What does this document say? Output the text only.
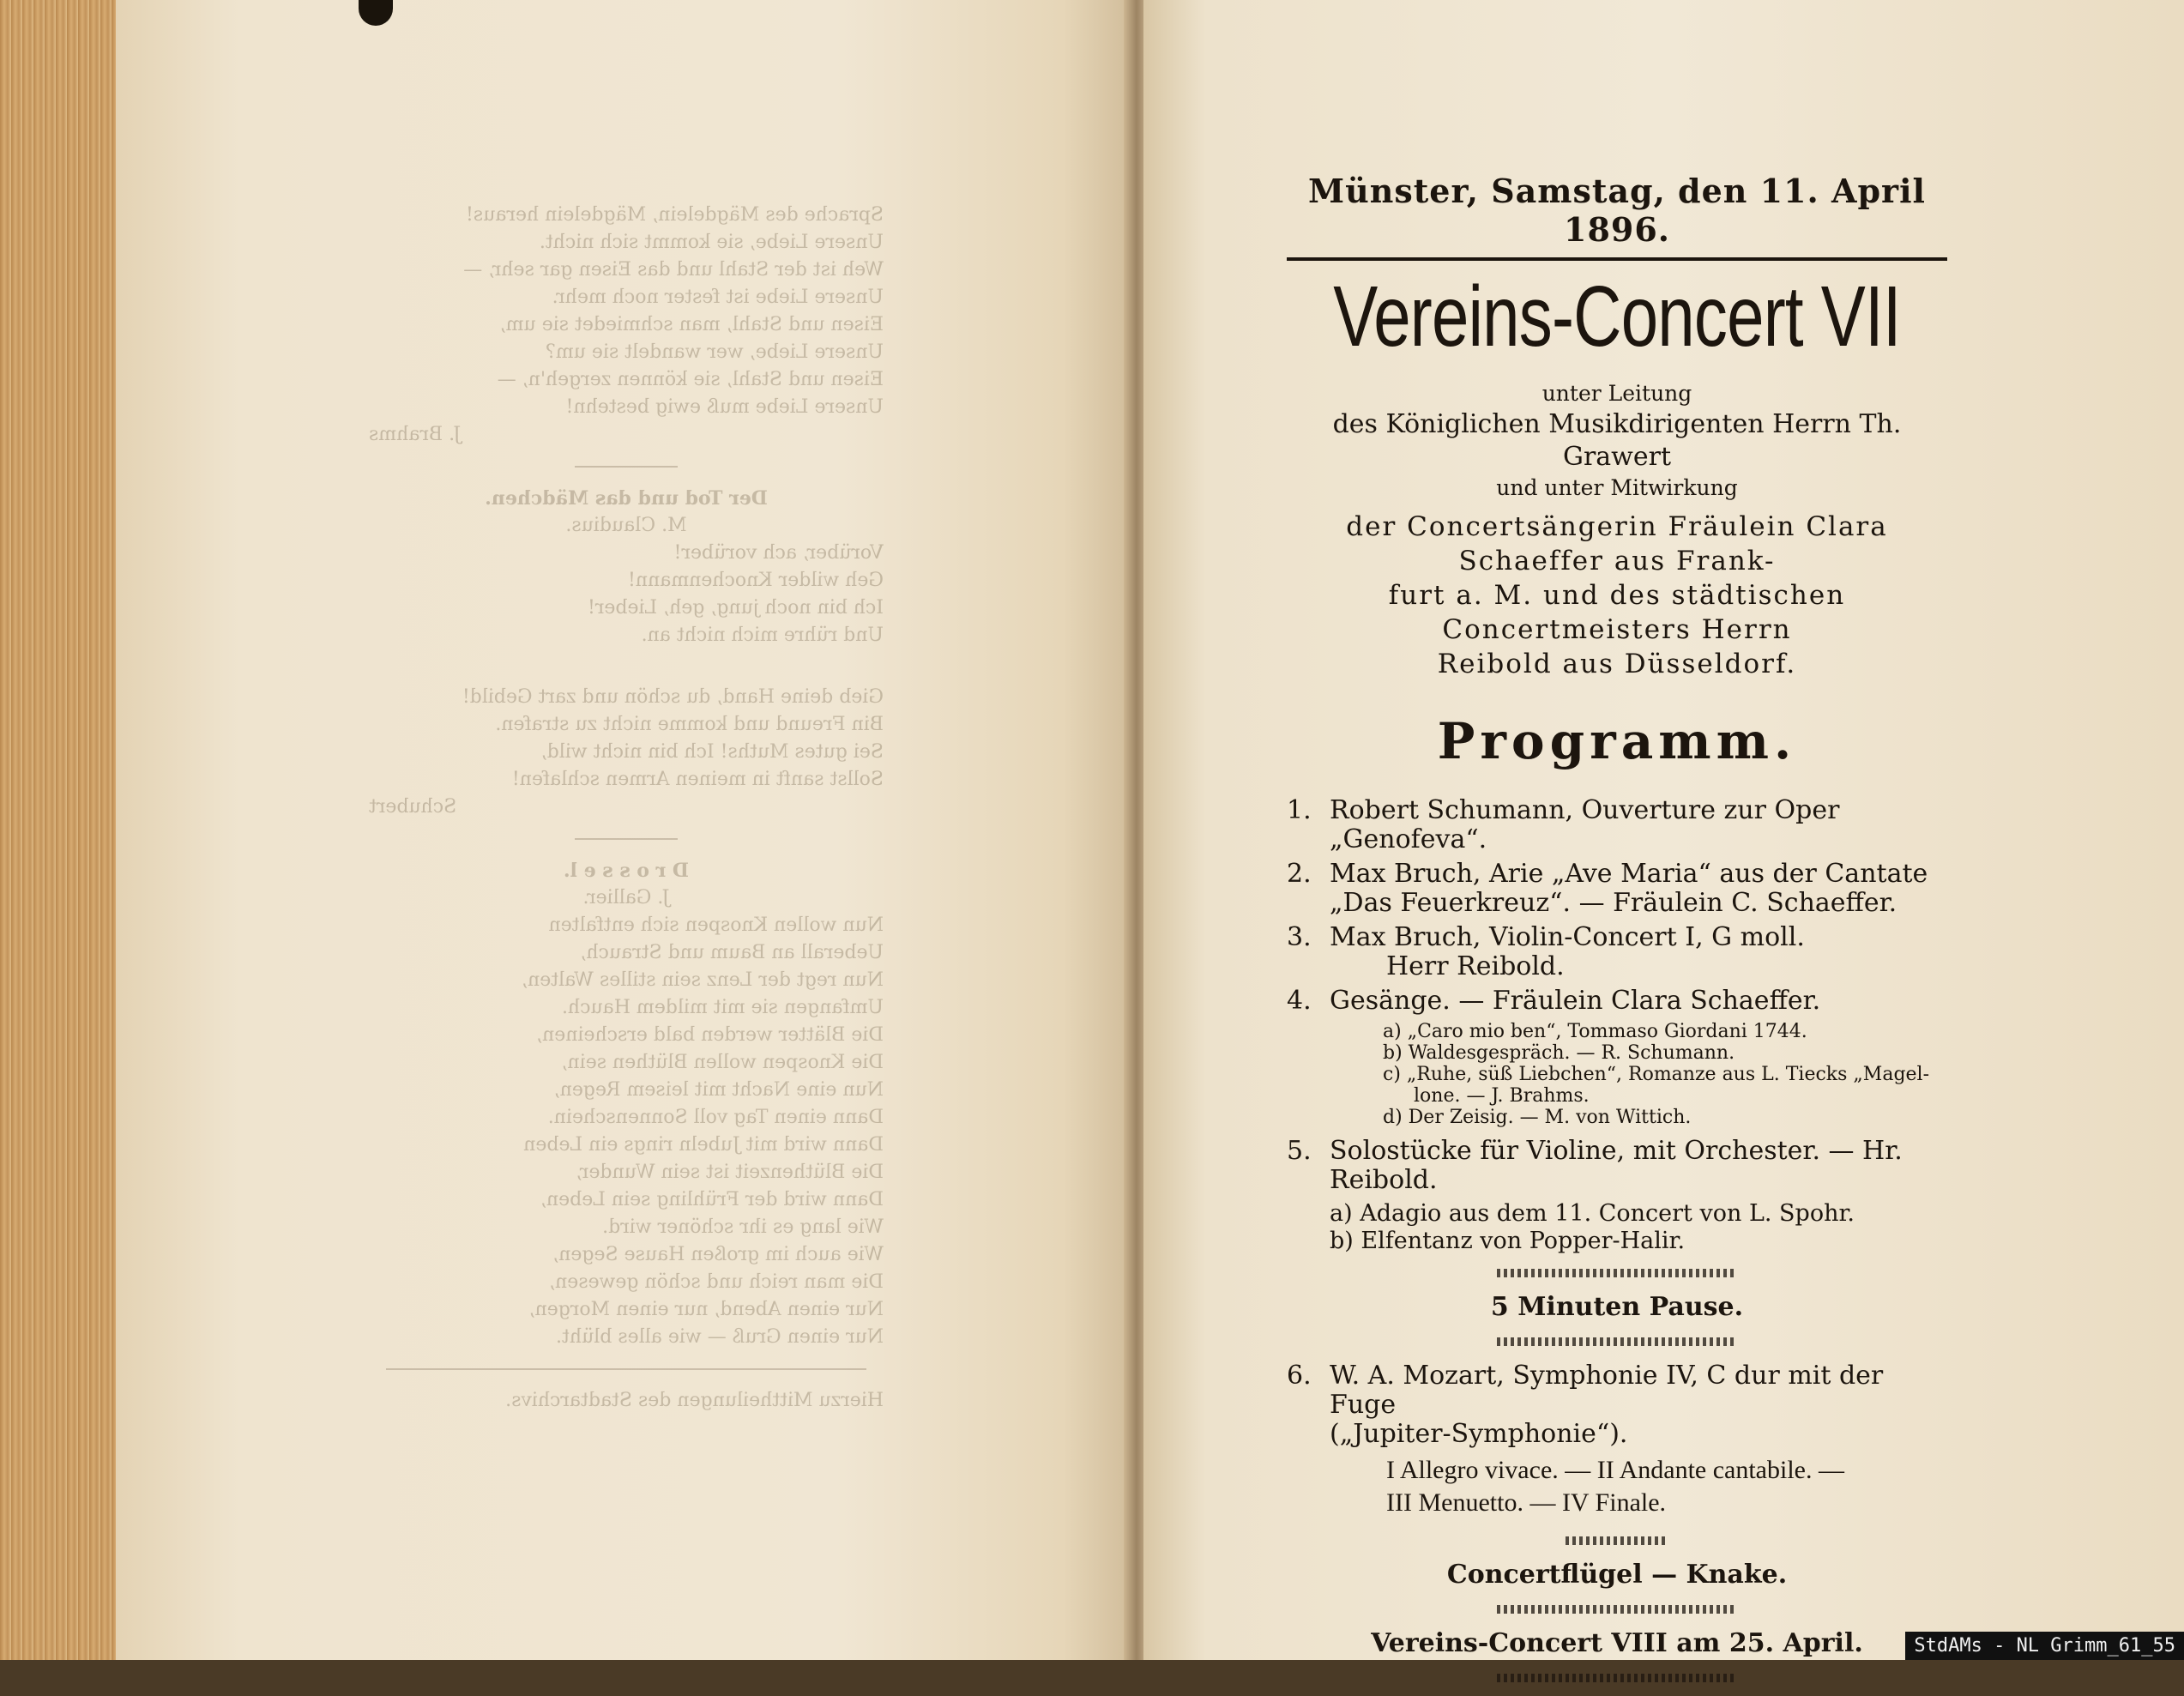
Sprache des Mägdelein, Mägdelein heraus!
Unsere Liebe, sie kommt sich nicht.
Weh ist der Stahl und das Eisen gar sehr, —
Unsere Liebe ist fester noch mehr.
Eisen und Stahl, man schmiedet sie um,
Unsere Liebe, wer wandelt sie um?
Eisen und Stahl, sie können zergeh'n, —
Unsere Liebe muß ewig bestehn!
J. Brahms
Der Tod und das Mädchen.
M. Claudius.
Vorüber, ach vorüber!
Geh wilder Knochenmann!
Ich bin noch jung, geh, Lieber!
Und rühre mich nicht an.
Gieb deine Hand, du schön und zart Gebild!
Bin Freund und komme nicht zu strafen.
Sei gutes Muths! Ich bin nicht wild,
Sollst sanft in meinen Armen schlafen!
Schubert
D r o s s e l.
J. Gallier.
Nun wollen Knospen sich entfalten
Ueberall an Baum und Strauch,
Nun regt der Lenz sein stilles Walten,
Umfangen sie mit mildem Hauch.
Die Blätter werden bald erscheinen,
Die Knospen wollen Blüthen sein,
Nun eine Nacht mit leisem Regen,
Dann einen Tag voll Sonnenschein.
Dann wird mit Jubeln rings ein Leben
Die Blüthenzeit ist sein Wunder,
Dann wird der Frühling sein Leben,
Wie lang es ihr schöner wird.
Wie auch im großen Hause Segen,
Die man reich und schön gewesen,
Nur einen Abend, nur einen Morgen,
Nur einen Gruß — wie alles blüht.
Hierzu Mittheilungen des Stadtarchivs.
Münster, Samstag, den 11. April 1896.
Vereins-Concert VII
unter Leitung
des Königlichen Musikdirigenten Herrn Th. Grawert
und unter Mitwirkung
der Concertsängerin Fräulein Clara Schaeffer aus Frank-
furt a. M. und des städtischen Concertmeisters Herrn
Reibold aus Düsseldorf.
Programm.
1. Robert Schumann, Ouverture zur Oper „Genofeva“.
2. Max Bruch, Arie „Ave Maria“ aus der Cantate
„Das Feuerkreuz“. — Fräulein C. Schaeffer.
3. Max Bruch, Violin-Concert I, G moll.
Herr Reibold.
4. Gesänge. — Fräulein Clara Schaeffer.
a) „Caro mio ben“, Tommaso Giordani 1744.
b) Waldesgespräch. — R. Schumann.
c) „Ruhe, süß Liebchen“, Romanze aus L. Tiecks „Magel-
lone. — J. Brahms.
d) Der Zeisig. — M. von Wittich.
5. Solostücke für Violine, mit Orchester. — Hr. Reibold.
a) Adagio aus dem 11. Concert von L. Spohr.
b) Elfentanz von Popper-Halir.
5 Minuten Pause.
6. W. A. Mozart, Symphonie IV, C dur mit der Fuge
(„Jupiter-Symphonie“).
I Allegro vivace. — II Andante cantabile. —
III Menuetto. — IV Finale.
Concertflügel — Knake.
Vereins-Concert VIII am 25. April.	StdAMs - NL Grimm_61_55
